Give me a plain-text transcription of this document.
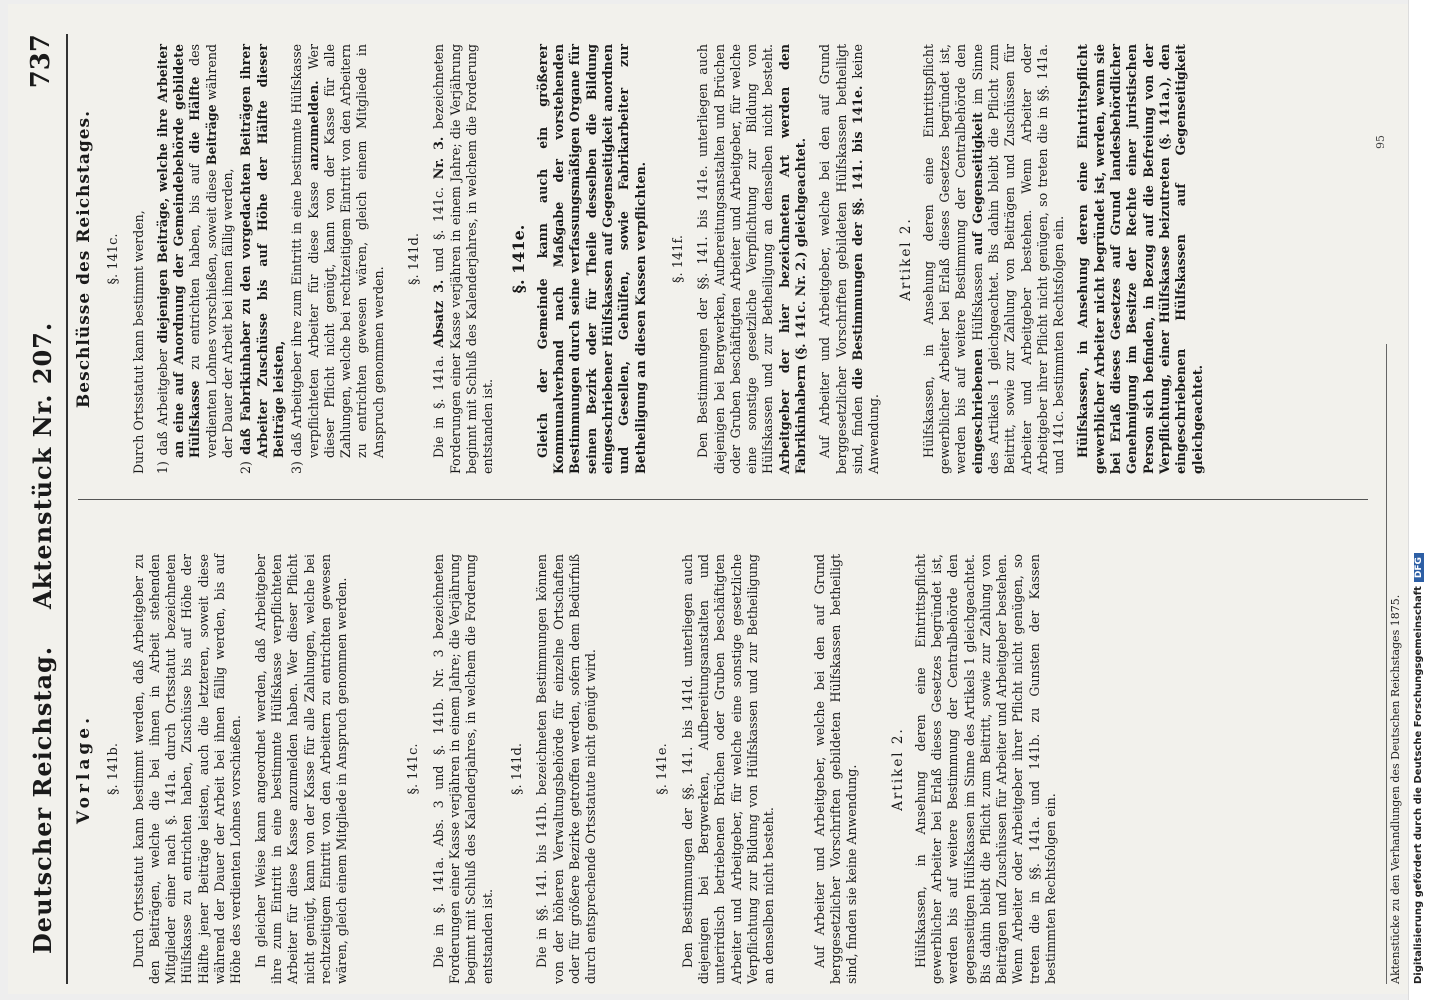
Deutscher Reichstag.
Aktenstück Nr. 207.
737
Vorlage. §. 141b. Durch Ortsstatut kann bestimmt werden, daß Arbeitgeber zu den Beiträgen, welche die bei ihnen in Arbeit stehenden Mitglieder einer nach §. 141a. durch Ortsstatut bezeichneten Hülfskasse zu entrichten haben, Zuschüsse bis auf Höhe der Hälfte jener Beiträge leisten, auch die letzteren, soweit diese während der Dauer der Arbeit bei ihnen fällig werden, bis auf Höhe des verdienten Lohnes vorschießen. In gleicher Weise kann angeordnet werden, daß Arbeitgeber ihre zum Eintritt in eine bestimmte Hülfskasse verpflichteten Arbeiter für diese Kasse anzumelden haben. Wer dieser Pflicht nicht genügt, kann von der Kasse für alle Zahlungen, welche bei rechtzeitigem Eintritt von den Arbeitern zu entrichten gewesen wären, gleich einem Mitgliede in Anspruch genommen werden.	§. 141c. Die in §. 141a. Abs. 3 und §. 141b. Nr. 3 bezeichneten Forderungen einer Kasse verjähren in einem Jahre; die Verjährung beginnt mit Schluß des Kalenderjahres, in welchem die Forderung entstanden ist.

§. 141d. Die in §§. 141. bis 141b. bezeichneten Bestimmungen können von der höheren Verwaltungsbehörde für einzelne Ortschaften oder für größere Bezirke getroffen werden, sofern dem Bedürfniß durch entsprechende Ortsstatute nicht genügt wird.	§. 141e. Den Bestimmungen der §§. 141. bis 141d. unterliegen auch diejenigen bei Bergwerken, Aufbereitungsanstalten und unterirdisch betriebenen Brüchen oder Gruben beschäftigten Arbeiter und Arbeitgeber, für welche eine sonstige gesetzliche Verpflichtung zur Bildung von Hülfskassen und zur Betheiligung an denselben nicht besteht.	Auf Arbeiter und Arbeitgeber, welche bei den auf Grund berggesetzlicher Vorschriften gebildeten Hülfskassen betheiligt sind, finden sie keine Anwendung. Artikel 2. Hülfskassen, in Ansehung deren eine Eintrittspflicht gewerblicher Arbeiter bei Erlaß dieses Gesetzes begründet ist, werden bis auf weitere Bestimmung der Centralbehörde den gegenseitigen Hülfskassen im Sinne des Artikels 1 gleichgeachtet. Bis dahin bleibt die Pflicht zum Beitritt, sowie zur Zahlung von Beiträgen und Zuschüssen für Arbeiter und Arbeitgeber bestehen. Wenn Arbeiter oder Arbeitgeber ihrer Pflicht nicht genügen, so treten die in §§. 141a. und 141b. zu Gunsten der Kassen bestimmten Rechtsfolgen ein.

Beschlüsse des Reichstages. §. 141c. Durch Ortsstatut kann bestimmt werden, 1) daß Arbeitgeber diejenigen Beiträge, welche ihre Arbeiter an eine auf Anordnung der Gemeindebehörde gebildete Hülfskasse zu entrichten haben, bis auf die Hälfte des verdienten Lohnes vorschießen, soweit diese Beiträge während der Dauer der Arbeit bei ihnen fällig werden,

2) daß Fabrikinhaber zu den vorgedachten Beiträgen ihrer Arbeiter Zuschüsse bis auf Höhe der Hälfte dieser Beiträge leisten, 3) daß Arbeitgeber ihre zum Eintritt in eine bestimmte Hülfskasse verpflichteten Arbeiter für diese Kasse anzumelden. Wer dieser Pflicht nicht genügt, kann von der Kasse für alle Zahlungen, welche bei rechtzeitigem Eintritt von den Arbeitern zu entrichten gewesen wären, gleich einem Mitgliede in Anspruch genommen werden.

§. 141d.

Die in §. 141a. Absatz 3. und §. 141c. Nr. 3. bezeichneten Forderungen einer Kasse verjähren in einem Jahre; die Verjährung beginnt mit Schluß des Kalenderjahres, in welchem die Forderung entstanden ist.

§. 141e. Gleich der Gemeinde kann auch ein größerer Kommunalverband nach Maßgabe der vorstehenden Bestimmungen durch seine verfassungsmäßigen Organe für seinen Bezirk oder für Theile desselben die Bildung eingeschriebener Hülfskassen auf Gegenseitigkeit anordnen und Gesellen, Gehülfen, sowie Fabrikarbeiter zur Betheiligung an diesen Kassen verpflichten. §. 141f. Den Bestimmungen der §§. 141. bis 141e. unterliegen auch diejenigen bei Bergwerken, Aufbereitungsanstalten und Brüchen oder Gruben beschäftigten Arbeiter und Arbeitgeber, für welche eine sonstige gesetzliche Verpflichtung zur Bildung von Hülfskassen und zur Betheiligung an denselben nicht besteht. Arbeitgeber der hier bezeichneten Art werden den Fabrikinhabern (§. 141c. Nr. 2.) gleichgeachtet. Auf Arbeiter und Arbeitgeber, welche bei den auf Grund berggesetzlicher Vorschriften gebildeten Hülfskassen betheiligt sind, finden die Bestimmungen der §§. 141. bis 141e. keine Anwendung.

Artikel 2. Hülfskassen, in Ansehung deren eine Eintrittspflicht gewerblicher Arbeiter bei Erlaß dieses Gesetzes begründet ist, werden bis auf weitere Bestimmung der Centralbehörde den eingeschriebenen Hülfskassen auf Gegenseitigkeit im Sinne des Artikels 1 gleichgeachtet. Bis dahin bleibt die Pflicht zum Beitritt, sowie zur Zahlung von Beiträgen und Zuschüssen für Arbeiter und Arbeitgeber bestehen. Wenn Arbeiter oder Arbeitgeber ihrer Pflicht nicht genügen, so treten die in §§. 141a. und 141c. bestimmten Rechtsfolgen ein. Hülfskassen, in Ansehung deren eine Eintrittspflicht gewerblicher Arbeiter nicht begründet ist, werden, wenn sie bei Erlaß dieses Gesetzes auf Grund landesbehördlicher Genehmigung im Besitze der Rechte einer juristischen Person sich befinden, in Bezug auf die Befreiung von der Verpflichtung, einer Hülfskasse beizutreten (§. 141a.), den eingeschriebenen Hülfskassen auf Gegenseitigkeit gleichgeachtet.

Aktenstücke zu den Verhandlungen des Deutschen Reichstages 1875.
95
Digitalisierung gefördert durch die Deutsche ForschungsgemeinschaftDFG
